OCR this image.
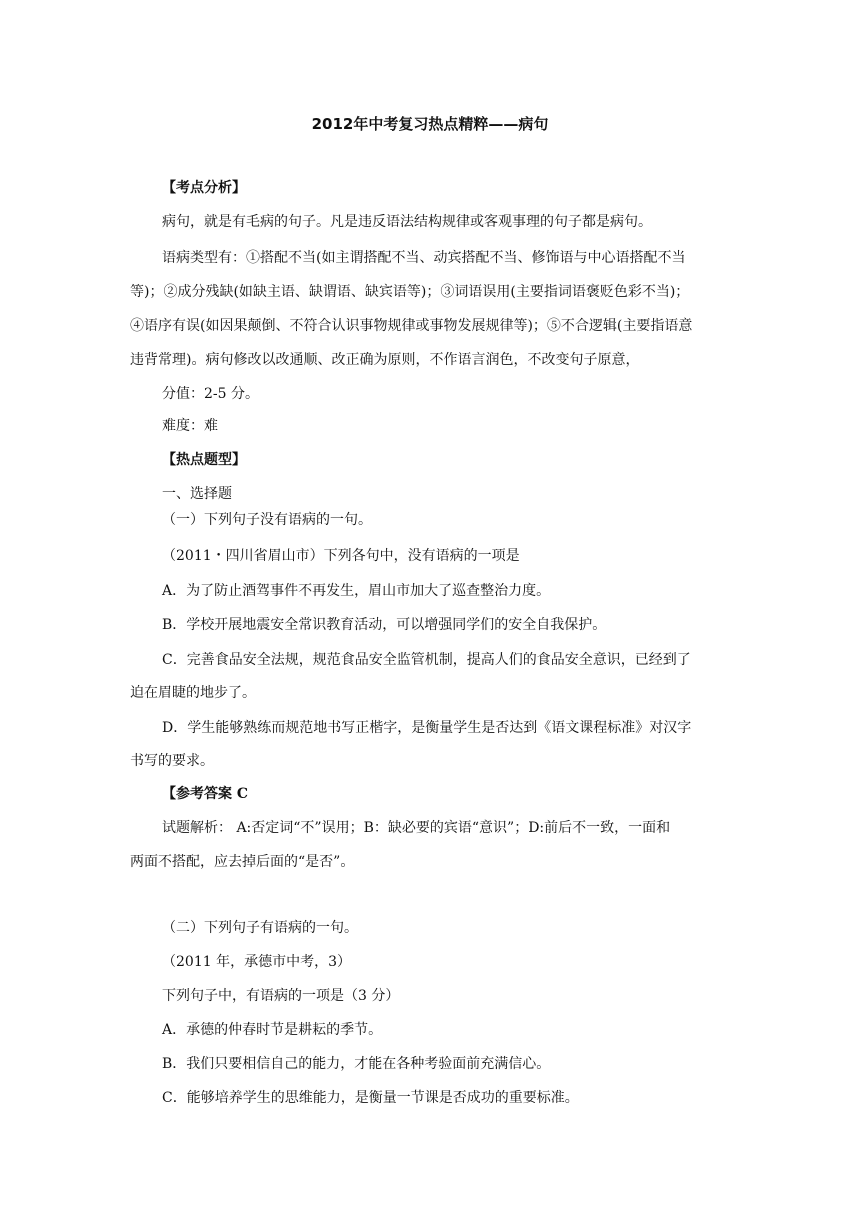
2012年中考复习热点精粹——病句
【考点分析】
病句，就是有毛病的句子。凡是违反语法结构规律或客观事理的句子都是病句。
语病类型有：①搭配不当(如主谓搭配不当、动宾搭配不当、修饰语与中心语搭配不当
等)；②成分残缺(如缺主语、缺谓语、缺宾语等)；③词语误用(主要指词语褒贬色彩不当)；
④语序有误(如因果颠倒、不符合认识事物规律或事物发展规律等)；⑤不合逻辑(主要指语意
违背常理)。病句修改以改通顺、改正确为原则，不作语言润色，不改变句子原意，
分值：2-5 分。
难度：难
【热点题型】
一、选择题
（一）下列句子没有语病的一句。
（2011・四川省眉山市）下列各句中，没有语病的一项是
A．为了防止酒驾事件不再发生，眉山市加大了巡查整治力度。
B．学校开展地震安全常识教育活动，可以增强同学们的安全自我保护。
C．完善食品安全法规，规范食品安全监管机制，提高人们的食品安全意识，已经到了
迫在眉睫的地步了。
D．学生能够熟练而规范地书写正楷字，是衡量学生是否达到《语文课程标准》对汉字
书写的要求。
【参考答案 C
试题解析： A:否定词“不”误用；B：缺必要的宾语“意识”；D:前后不一致，一面和
两面不搭配，应去掉后面的“是否”。
（二）下列句子有语病的一句。
（2011 年，承德市中考，3）
下列句子中，有语病的一项是（3 分）
A．承德的仲春时节是耕耘的季节。
B．我们只要相信自己的能力，才能在各种考验面前充满信心。
C．能够培养学生的思维能力，是衡量一节课是否成功的重要标准。
